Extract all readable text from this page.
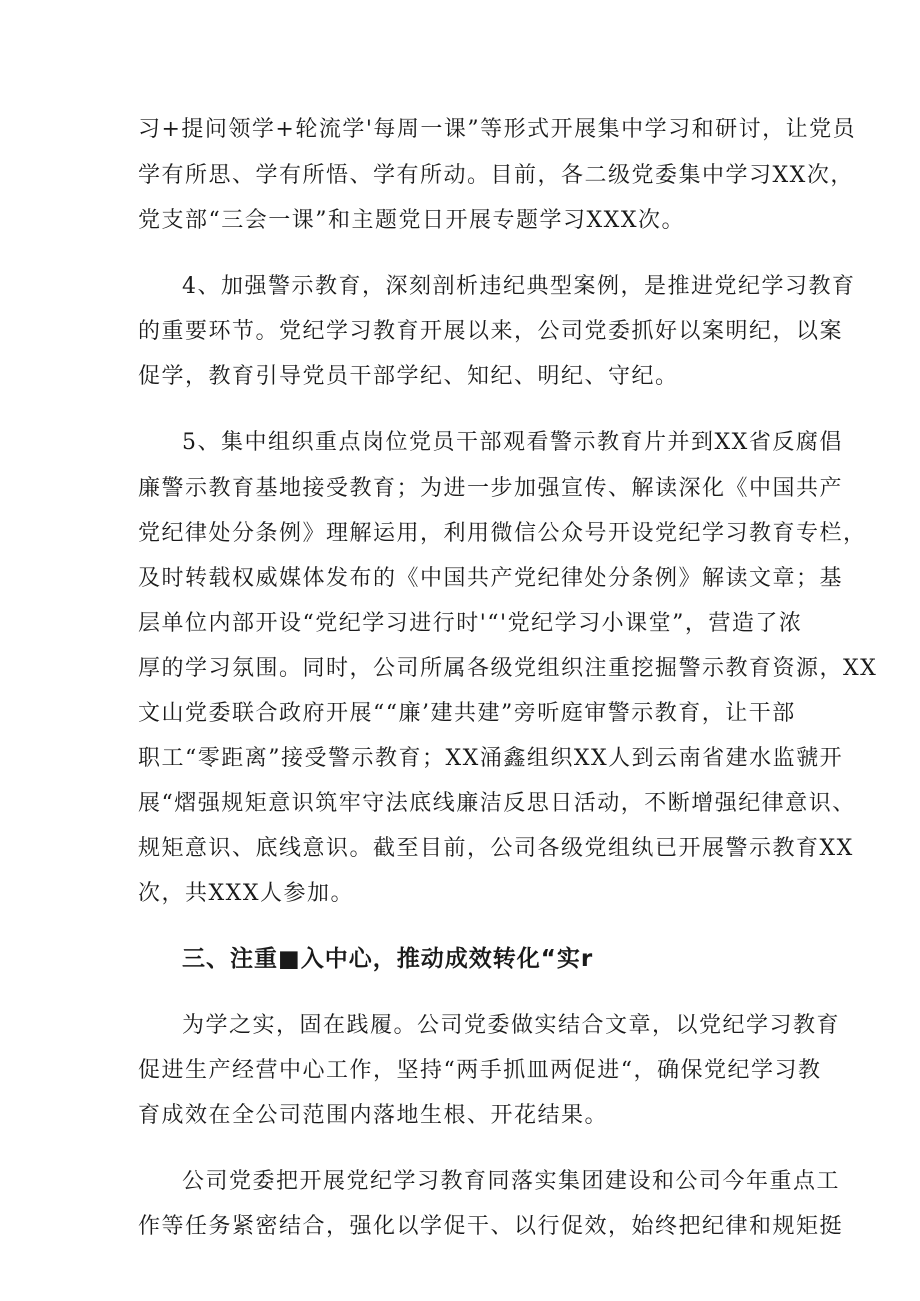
习+提问领学+轮流学'每周一课”等形式开展集中学习和研讨，让党员
学有所思、学有所悟、学有所动。目前，各二级党委集中学习XX次，
党支部“三会一课”和主题党日开展专题学习XXX次。
4、加强警示教育，深刻剖析违纪典型案例，是推进党纪学习教育
的重要环节。党纪学习教育开展以来，公司党委抓好以案明纪，以案
促学，教育引导党员干部学纪、知纪、明纪、守纪。
5、集中组织重点岗位党员干部观看警示教育片并到XX省反腐倡
廉警示教育基地接受教育；为进一步加强宣传、解读深化《中国共产
党纪律处分条例》理解运用，利用微信公众号开设党纪学习教育专栏，
及时转载权威媒体发布的《中国共产党纪律处分条例》解读文章；基
层单位内部开设“党纪学习进行时'“'党纪学习小课堂”，营造了浓
厚的学习氛围。同时，公司所属各级党组织注重挖掘警示教育资源，XX
文山党委联合政府开展““廉’建共建”旁听庭审警示教育，让干部
职工“零距离”接受警示教育；XX涌鑫组织XX人到云南省建水监虢开
展“熠强规矩意识筑牢守法底线廉洁反思日活动，不断增强纪律意识、
规矩意识、底线意识。截至目前，公司各级党组纨已开展警示教育XX
次，共XXX人参加。
三、注重■入中心，推动成效转化“实r
为学之实，固在践履。公司党委做实结合文章，以党纪学习教育
促进生产经营中心工作，坚持“两手抓皿两促进“，确保党纪学习教
育成效在全公司范围内落地生根、开花结果。
公司党委把开展党纪学习教育同落实集团建设和公司今年重点工
作等任务紧密结合，强化以学促干、以行促效，始终把纪律和规矩挺
